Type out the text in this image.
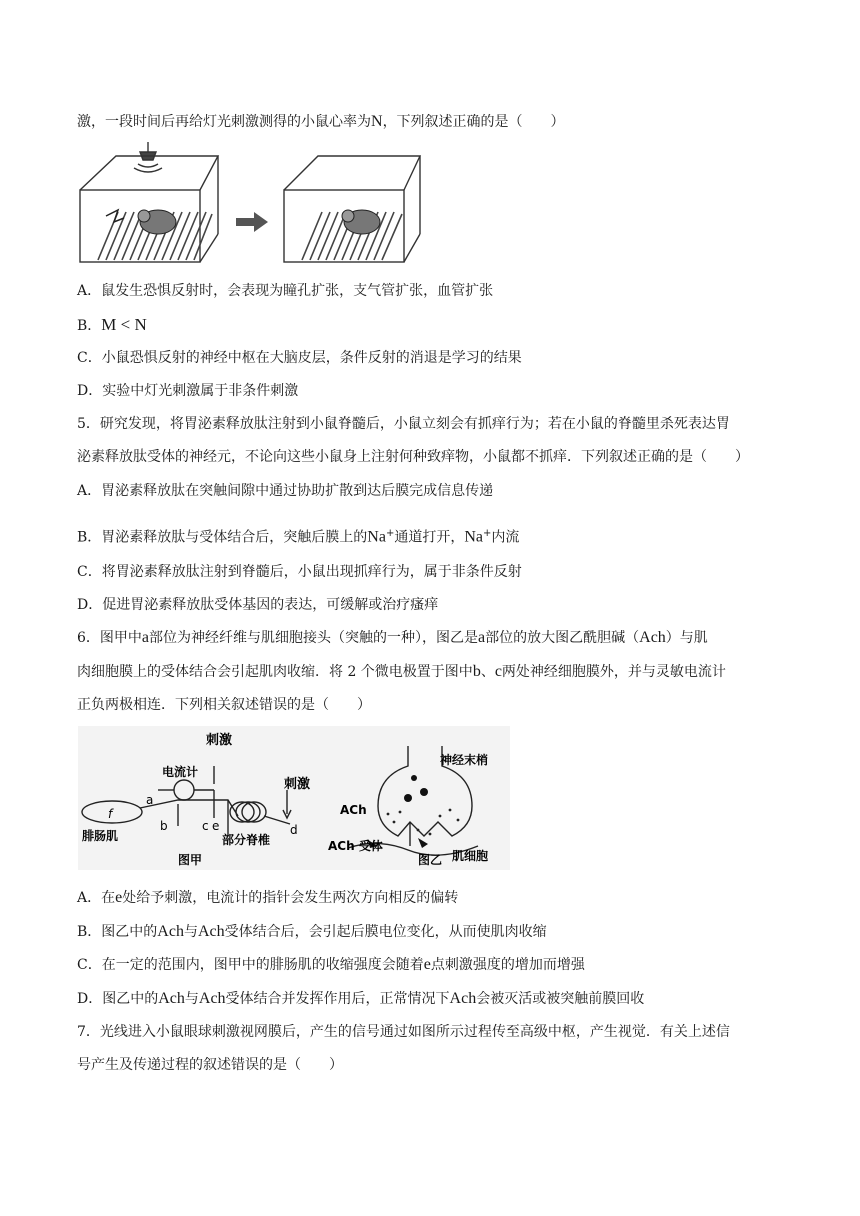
激，一段时间后再给灯光刺激测得的小鼠心率为N，下列叙述正确的是（　　）
A．鼠发生恐惧反射时，会表现为瞳孔扩张，支气管扩张，血管扩张
B．M < N
C．小鼠恐惧反射的神经中枢在大脑皮层，条件反射的消退是学习的结果
D．实验中灯光刺激属于非条件刺激
5．研究发现，将胃泌素释放肽注射到小鼠脊髓后，小鼠立刻会有抓痒行为；若在小鼠的脊髓里杀死表达胃
泌素释放肽受体的神经元，不论向这些小鼠身上注射何种致痒物，小鼠都不抓痒．下列叙述正确的是（　　）
A．胃泌素释放肽在突触间隙中通过协助扩散到达后膜完成信息传递
B．胃泌素释放肽与受体结合后，突触后膜上的Na+通道打开，Na+内流
C．将胃泌素释放肽注射到脊髓后，小鼠出现抓痒行为，属于非条件反射
D．促进胃泌素释放肽受体基因的表达，可缓解或治疗瘙痒
6．图甲中a部位为神经纤维与肌细胞接头（突触的一种），图乙是a部位的放大图乙酰胆碱（Ach）与肌
肉细胞膜上的受体结合会引起肌肉收缩．将 2 个微电极置于图中b、c两处神经细胞膜外，并与灵敏电流计
正负两极相连．下列相关叙述错误的是（　　）
刺激
电流计
刺激
腓肠肌	部分脊椎
图甲
a
f
b	c e	d
神经末梢
ACh
ACh 受体
图乙 肌细胞
A．在e处给予刺激，电流计的指针会发生两次方向相反的偏转
B．图乙中的Ach与Ach受体结合后，会引起后膜电位变化，从而使肌肉收缩
C．在一定的范围内，图甲中的腓肠肌的收缩强度会随着e点刺激强度的增加而增强
D．图乙中的Ach与Ach受体结合并发挥作用后，正常情况下Ach会被灭活或被突触前膜回收
7．光线进入小鼠眼球刺激视网膜后，产生的信号通过如图所示过程传至高级中枢，产生视觉．有关上述信
号产生及传递过程的叙述错误的是（　　）
